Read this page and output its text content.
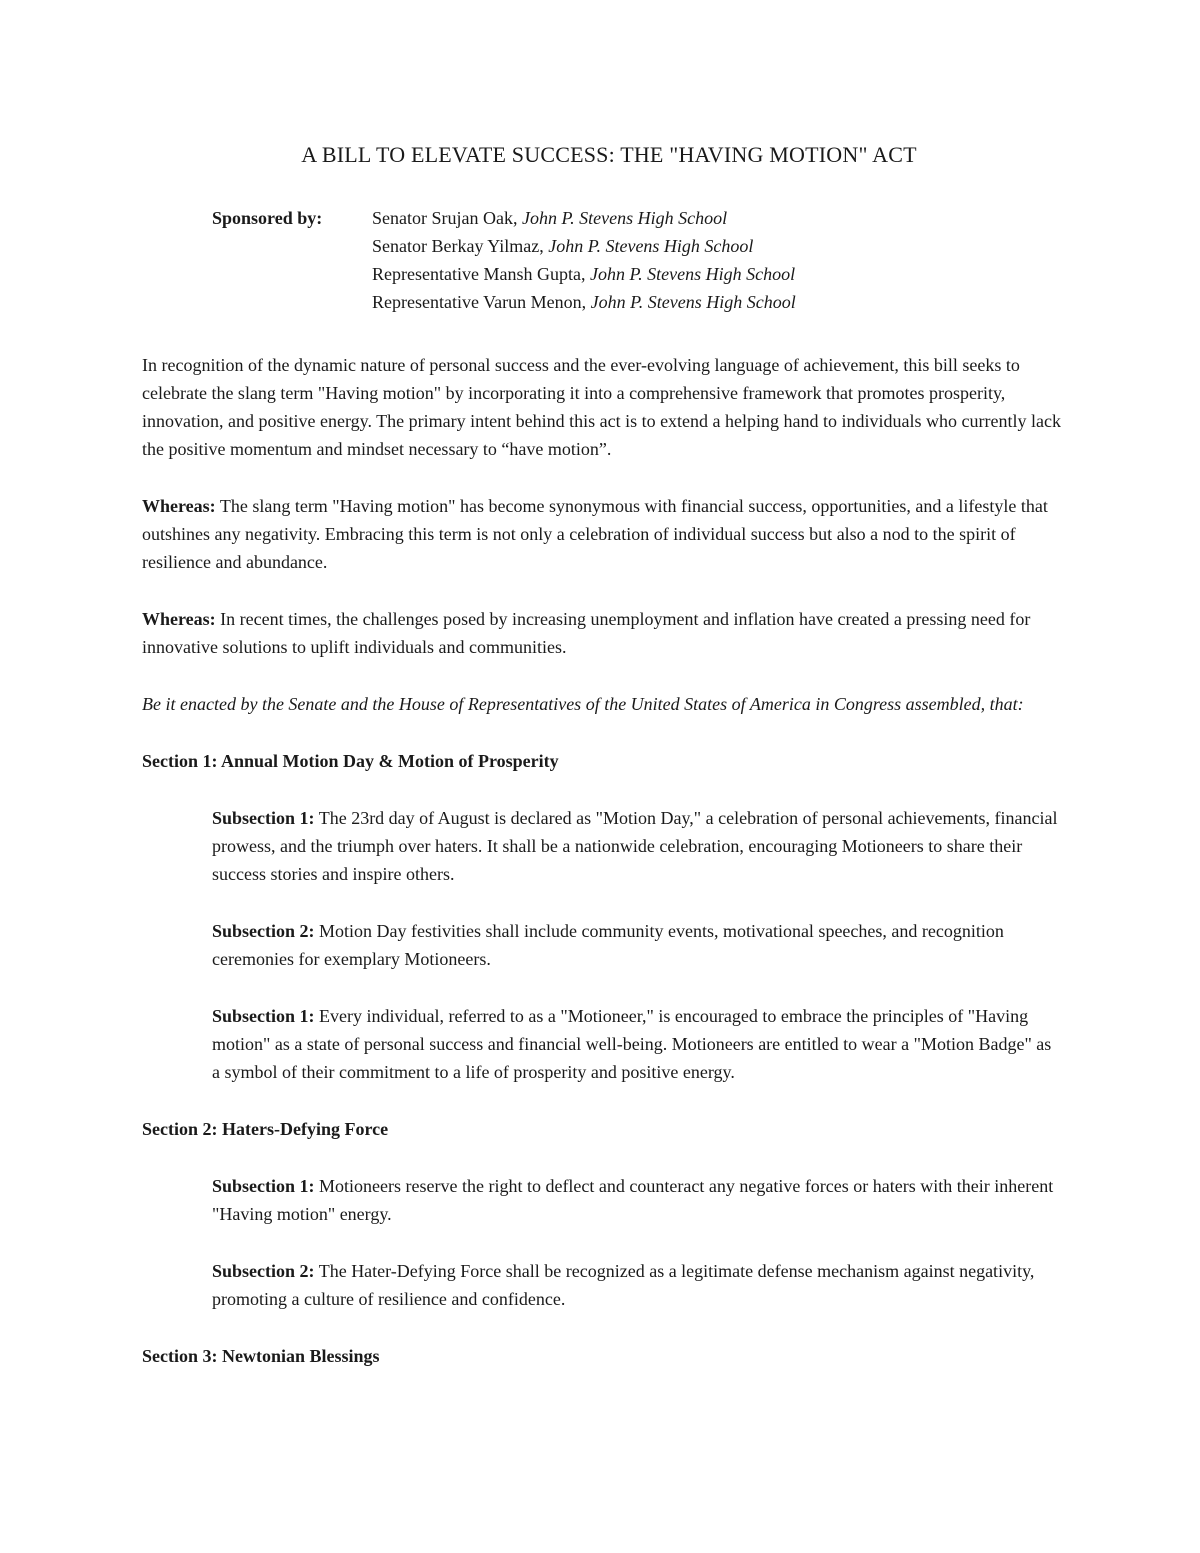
A BILL TO ELEVATE SUCCESS: THE "HAVING MOTION" ACT
Sponsored by:	Senator Srujan Oak, John P. Stevens High School
Senator Berkay Yilmaz, John P. Stevens High School
Representative Mansh Gupta, John P. Stevens High School
Representative Varun Menon, John P. Stevens High School

In recognition of the dynamic nature of personal success and the ever-evolving language of achievement, this bill seeks to celebrate the slang term "Having motion" by incorporating it into a comprehensive framework that promotes prosperity, innovation, and positive energy. The primary intent behind this act is to extend a helping hand to individuals who currently lack the positive momentum and mindset necessary to “have motion”.

Whereas: The slang term "Having motion" has become synonymous with financial success, opportunities, and a lifestyle that outshines any negativity. Embracing this term is not only a celebration of individual success but also a nod to the spirit of resilience and abundance.

Whereas: In recent times, the challenges posed by increasing unemployment and inflation have created a pressing need for innovative solutions to uplift individuals and communities.

Be it enacted by the Senate and the House of Representatives of the United States of America in Congress assembled, that:

Section 1: Annual Motion Day & Motion of Prosperity

Subsection 1: The 23rd day of August is declared as "Motion Day," a celebration of personal achievements, financial prowess, and the triumph over haters. It shall be a nationwide celebration, encouraging Motioneers to share their success stories and inspire others.

Subsection 2: Motion Day festivities shall include community events, motivational speeches, and recognition ceremonies for exemplary Motioneers.

Subsection 1: Every individual, referred to as a "Motioneer," is encouraged to embrace the principles of "Having motion" as a state of personal success and financial well-being. Motioneers are entitled to wear a "Motion Badge" as a symbol of their commitment to a life of prosperity and positive energy.

Section 2: Haters-Defying Force

Subsection 1: Motioneers reserve the right to deflect and counteract any negative forces or haters with their inherent "Having motion" energy.

Subsection 2: The Hater-Defying Force shall be recognized as a legitimate defense mechanism against negativity, promoting a culture of resilience and confidence.

Section 3: Newtonian Blessings
